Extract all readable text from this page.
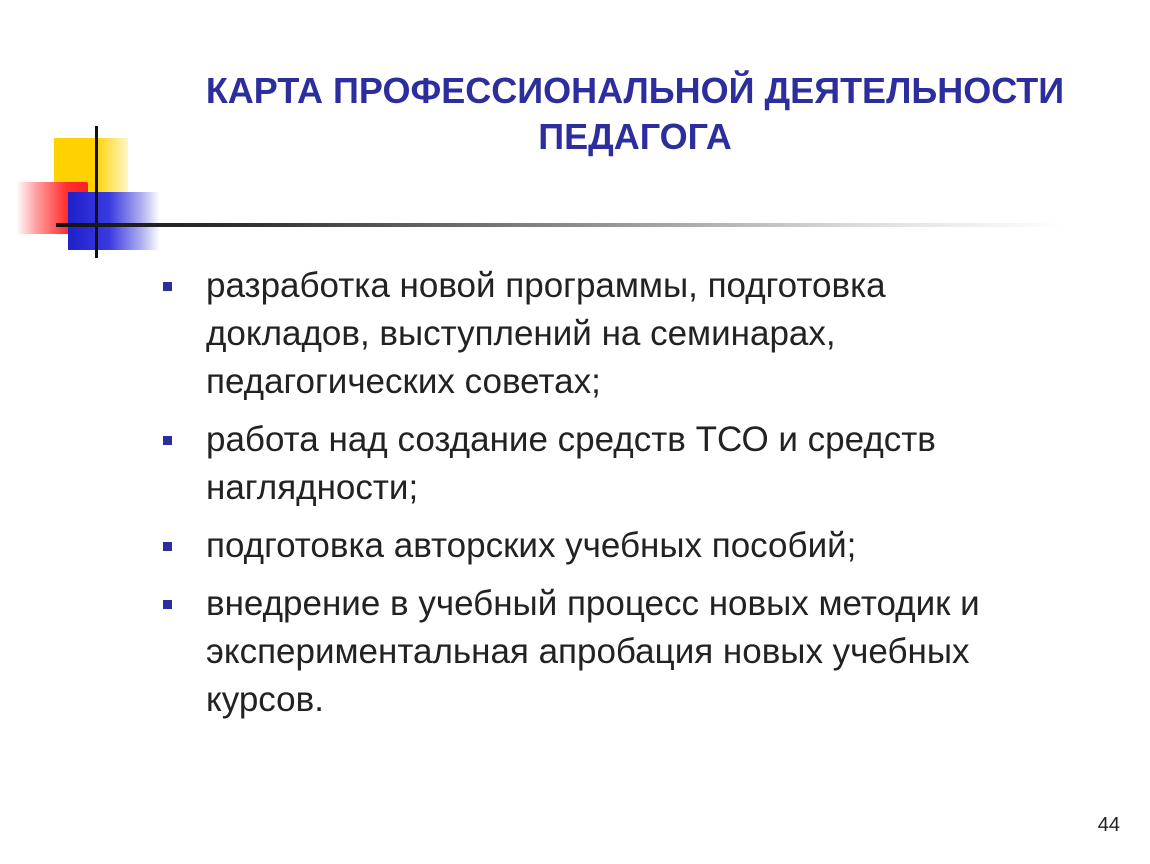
КАРТА ПРОФЕССИОНАЛЬНОЙ ДЕЯТЕЛЬНОСТИ
ПЕДАГОГА
разработка новой программы, подготовка
докладов, выступлений на семинарах,
педагогических советах;
работа над создание средств ТСО и средств
наглядности;
подготовка авторских учебных пособий;
внедрение в учебный процесс новых методик и
экспериментальная апробация новых учебных
курсов.
44
